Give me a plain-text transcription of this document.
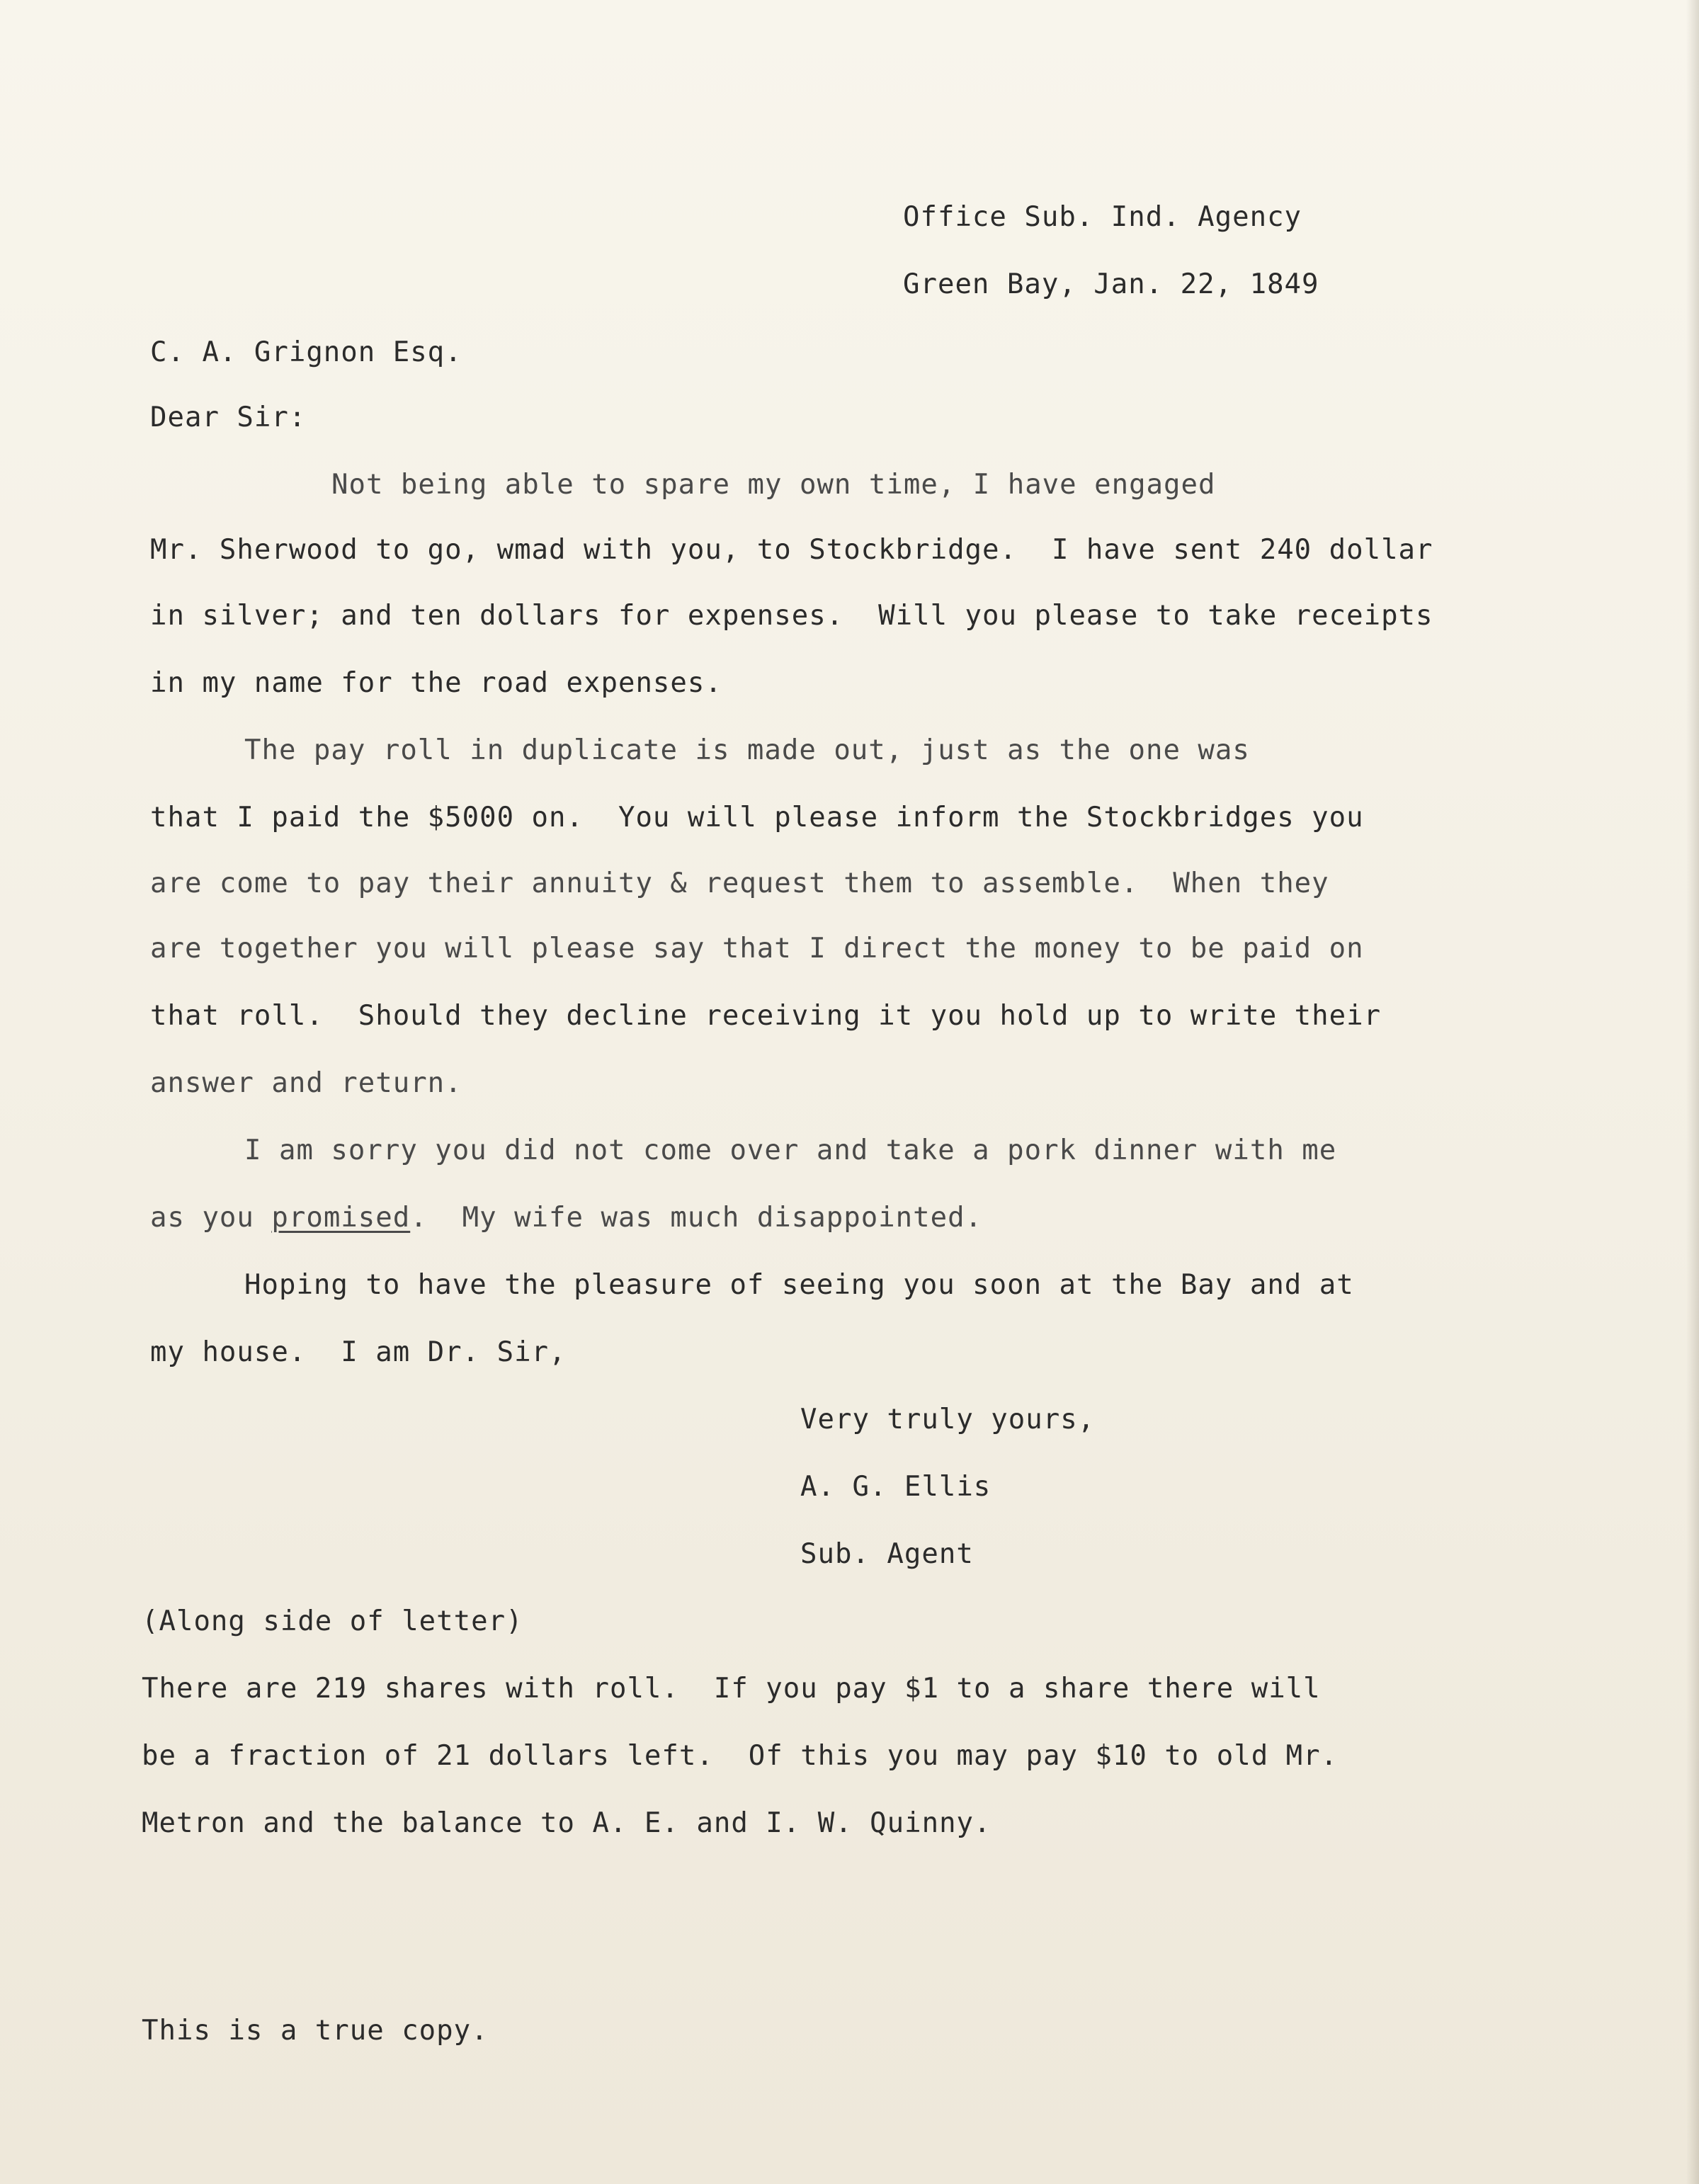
Office Sub. Ind. Agency
Green Bay, Jan. 22, 1849
C. A. Grignon Esq.
Dear Sir:
Not being able to spare my own time, I have engaged
Mr. Sherwood to go, wmad with you, to Stockbridge.  I have sent 240 dollar
in silver; and ten dollars for expenses.  Will you please to take receipts
in my name for the road expenses.
The pay roll in duplicate is made out, just as the one was
that I paid the $5000 on.  You will please inform the Stockbridges you
are come to pay their annuity & request them to assemble.  When they
are together you will please say that I direct the money to be paid on
that roll.  Should they decline receiving it you hold up to write their
answer and return.
I am sorry you did not come over and take a pork dinner with me
as you promised.  My wife was much disappointed.
Hoping to have the pleasure of seeing you soon at the Bay and at
my house.  I am Dr. Sir,
Very truly yours,
A. G. Ellis
Sub. Agent
(Along side of letter)
There are 219 shares with roll.  If you pay $1 to a share there will
be a fraction of 21 dollars left.  Of this you may pay $10 to old Mr.
Metron and the balance to A. E. and I. W. Quinny.
This is a true copy.
